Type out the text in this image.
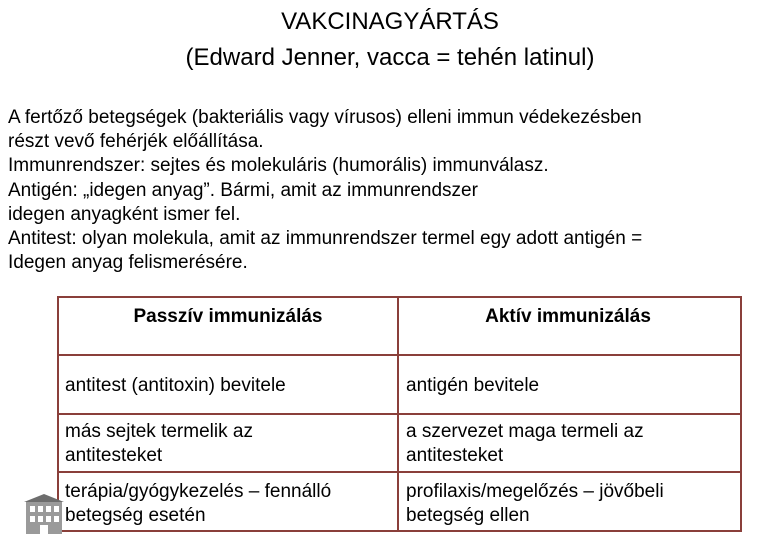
VAKCINAGYÁRTÁS
(Edward Jenner, vacca = tehén latinul)
A fertőző betegségek (bakteriális vagy vírusos) elleni immun védekezésben
részt vevő fehérjék előállítása.
Immunrendszer: sejtes és molekuláris (humorális) immunválasz.
Antigén: „idegen anyag”. Bármi, amit az immunrendszer
idegen anyagként ismer fel.
Antitest: olyan molekula, amit az immunrendszer termel egy adott antigén =
Idegen anyag felismerésére.
Passzív immunizálás	Aktív immunizálás
antitest (antitoxin) bevitele	antigén bevitele
más sejtek termelik az
antitesteket
a szervezet maga termeli az
antitesteket
terápia/gyógykezelés – fennálló
betegség esetén
profilaxis/megelőzés – jövőbeli
betegség ellen
